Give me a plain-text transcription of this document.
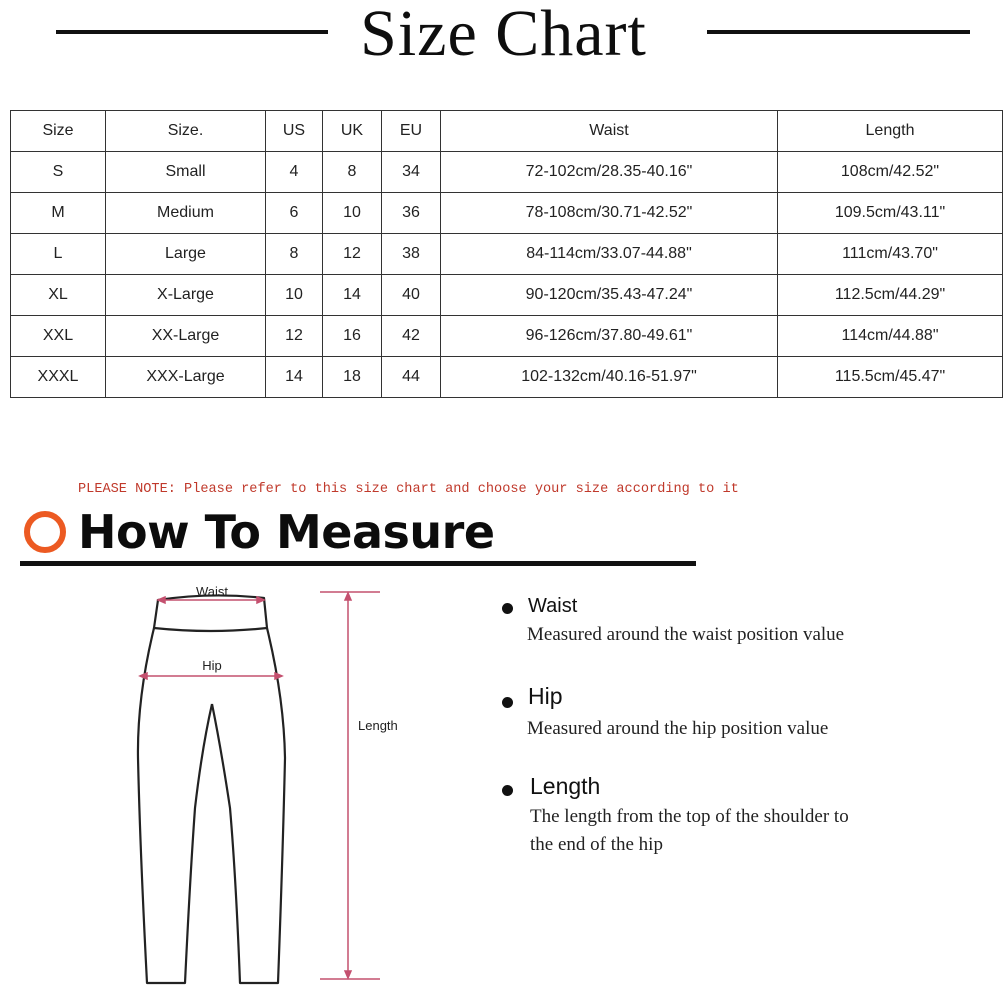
Size Chart
Size	Size.	US	UK	EU	Waist	Length
S	Small	4	8	34	72-102cm/28.35-40.16"	108cm/42.52"
M	Medium	6	10	36	78-108cm/30.71-42.52"	109.5cm/43.11"
L	Large	8	12	38	84-114cm/33.07-44.88"	111cm/43.70"
XL	X-Large	10	14	40	90-120cm/35.43-47.24"	112.5cm/44.29"
XXL	XX-Large	12	16	42	96-126cm/37.80-49.61"	114cm/44.88"
XXXL	XXX-Large	14	18	44	102-132cm/40.16-51.97"	115.5cm/45.47"
PLEASE NOTE: Please refer to this size chart and choose your size according to it
How To Measure
Waist
Hip
Length
Waist
Measured around the waist position value
Hip
Measured around the hip position value
Length
The length from the top of the shoulder to
the end of the hip
